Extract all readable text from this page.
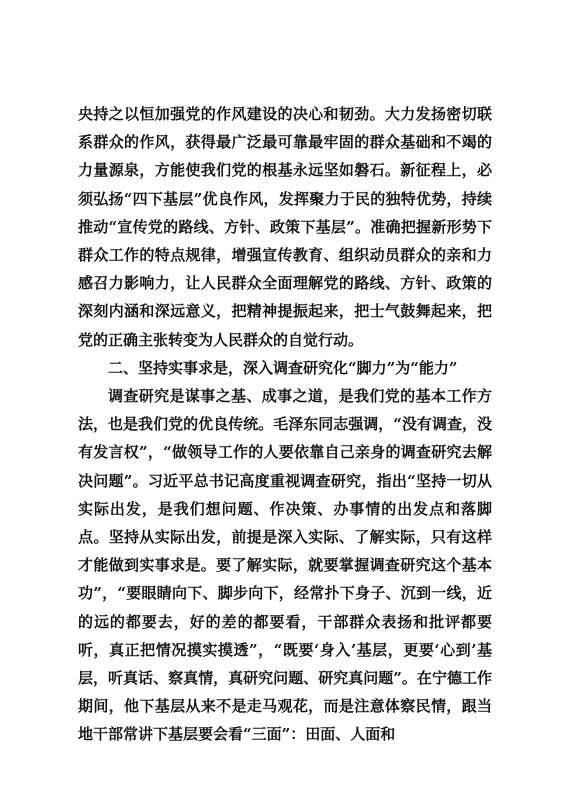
央持之以恒加强党的作风建设的决心和韧劲。大力发扬密切联系群众的作风，获得最广泛最可靠最牢固的群众基础和不竭的力量源泉，方能使我们党的根基永远坚如磐石。新征程上，必须弘扬“四下基层”优良作风，发挥聚力于民的独特优势，持续推动“宣传党的路线、方针、政策下基层”。准确把握新形势下群众工作的特点规律，增强宣传教育、组织动员群众的亲和力感召力影响力，让人民群众全面理解党的路线、方针、政策的深刻内涵和深远意义，把精神提振起来，把士气鼓舞起来，把党的正确主张转变为人民群众的自觉行动。

二、坚持实事求是，深入调查研究化“脚力”为“能力”

调查研究是谋事之基、成事之道，是我们党的基本工作方法，也是我们党的优良传统。毛泽东同志强调，“没有调查，没有发言权”，“做领导工作的人要依靠自己亲身的调查研究去解决问题”。习近平总书记高度重视调查研究，指出“坚持一切从实际出发，是我们想问题、作决策、办事情的出发点和落脚点。坚持从实际出发，前提是深入实际、了解实际，只有这样才能做到实事求是。要了解实际，就要掌握调查研究这个基本功”，“要眼睛向下、脚步向下，经常扑下身子、沉到一线，近的远的都要去，好的差的都要看，干部群众表扬和批评都要听，真正把情况摸实摸透”，“既要‘身入’基层，更要‘心到’基层，听真话、察真情，真研究问题、研究真问题”。在宁德工作期间，他下基层从来不是走马观花，而是注意体察民情，跟当地干部常讲下基层要会看“三面”：田面、人面和
